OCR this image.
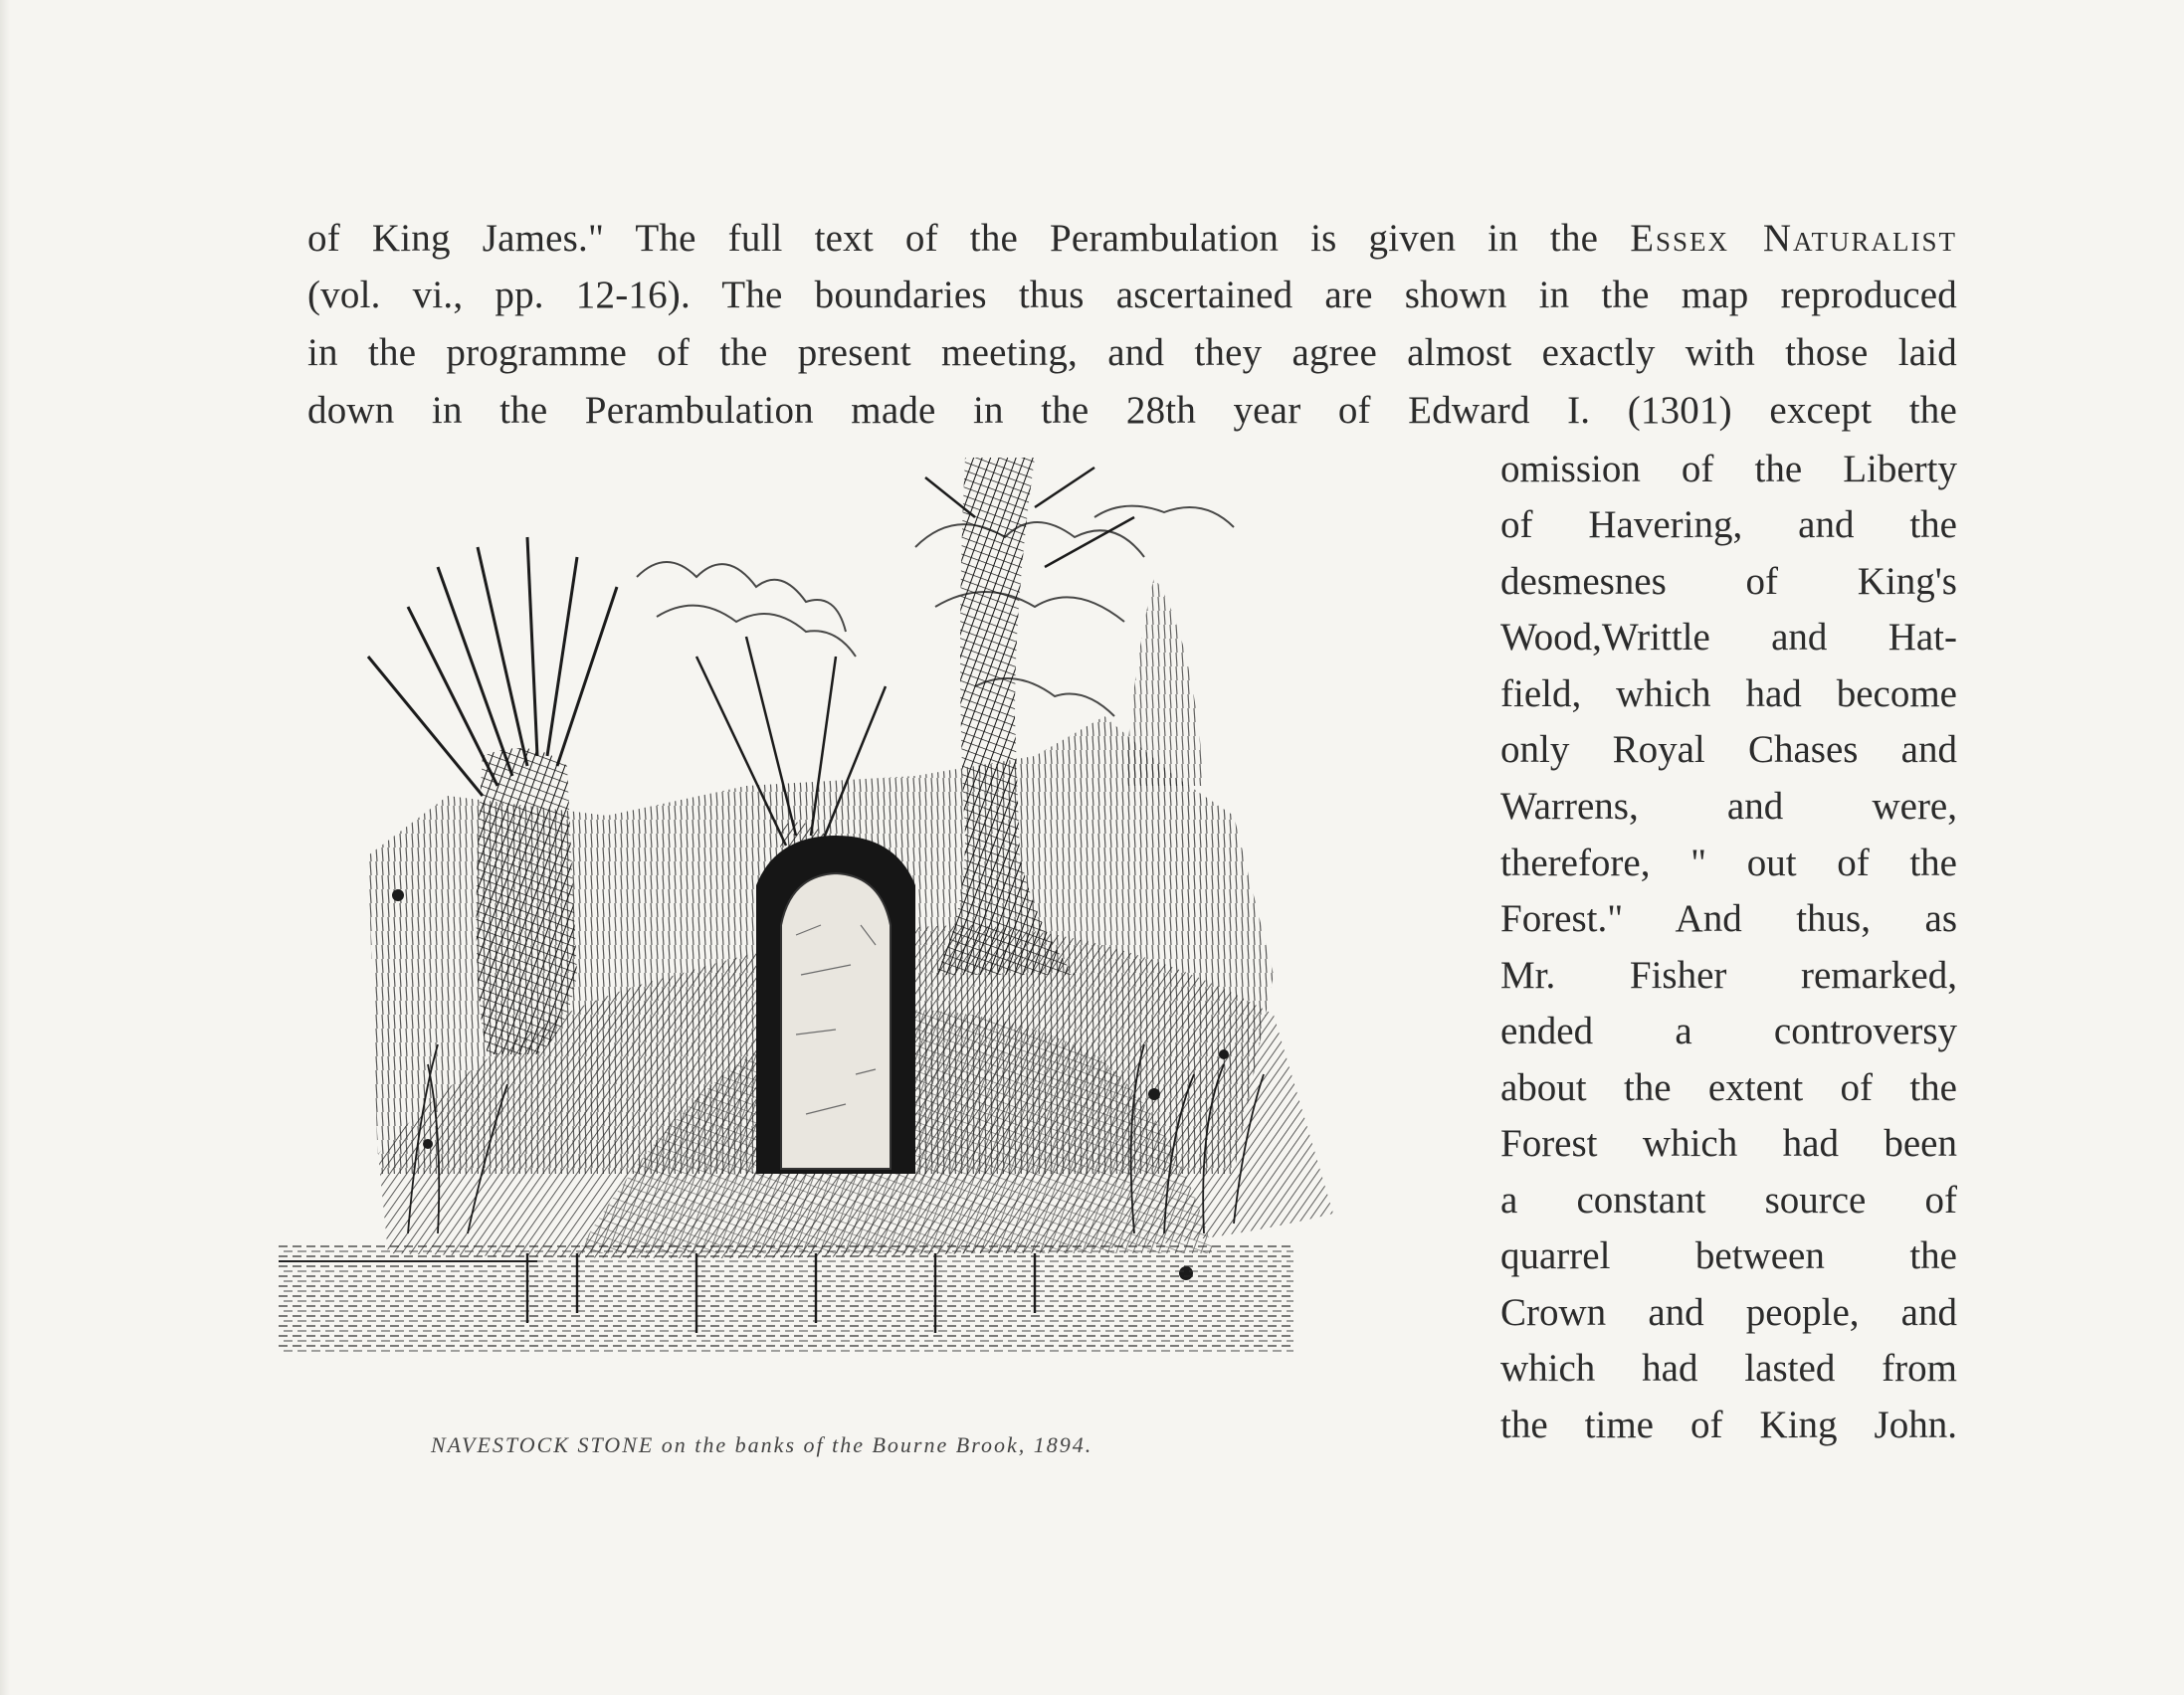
of King James." The full text of the Perambulation is given in the Essex Naturalist
(vol. vi., pp. 12-16). The boundaries thus ascertained are shown in the map reproduced
in the programme of the present meeting, and they agree almost exactly with those laid
down in the Perambulation made in the 28th year of Edward I. (1301) except the
omission of the Liberty
of Havering, and the
desmesnes of King's
Wood,Writtle and Hat-
field, which had become
only Royal Chases and
Warrens, and were,
therefore, " out of the
Forest." And thus, as
Mr. Fisher remarked,
ended a controversy
about the extent of the
Forest which had been
a constant source of
quarrel between the
Crown and people, and
which had lasted from
the time of King John.
NAVESTOCK STONE on the banks of the Bourne Brook, 1894.
